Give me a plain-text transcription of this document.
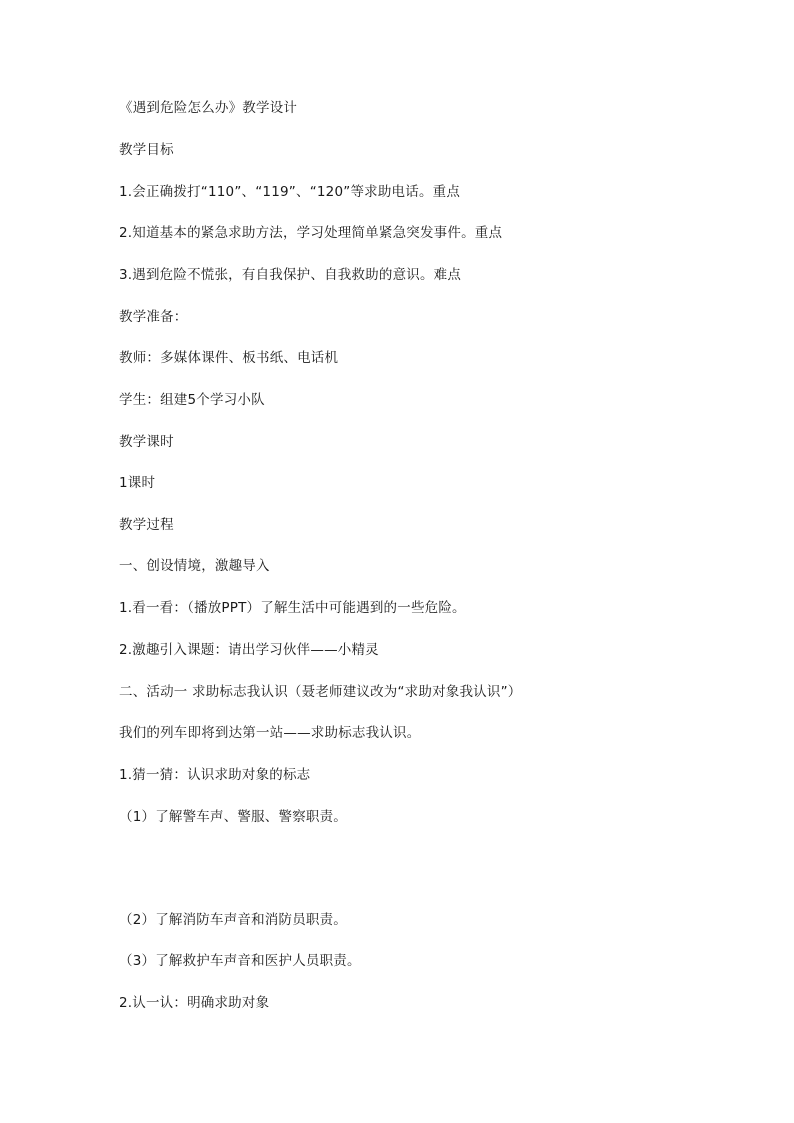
《遇到危险怎么办》教学设计
教学目标
1.会正确拨打“110”、“119”、“120”等求助电话。重点
2.知道基本的紧急求助方法，学习处理简单紧急突发事件。重点
3.遇到危险不慌张，有自我保护、自我救助的意识。难点
教学准备：
教师：多媒体课件、板书纸、电话机
学生：组建5个学习小队
教学课时
1课时
教学过程
一、创设情境，激趣导入
1.看一看：（播放PPT）了解生活中可能遇到的一些危险。
2.激趣引入课题：请出学习伙伴——小精灵
二、活动一 求助标志我认识（聂老师建议改为“求助对象我认识”）
我们的列车即将到达第一站——求助标志我认识。
1.猜一猜：认识求助对象的标志
（1）了解警车声、警服、警察职责。
（2）了解消防车声音和消防员职责。
（3）了解救护车声音和医护人员职责。
2.认一认：明确求助对象
